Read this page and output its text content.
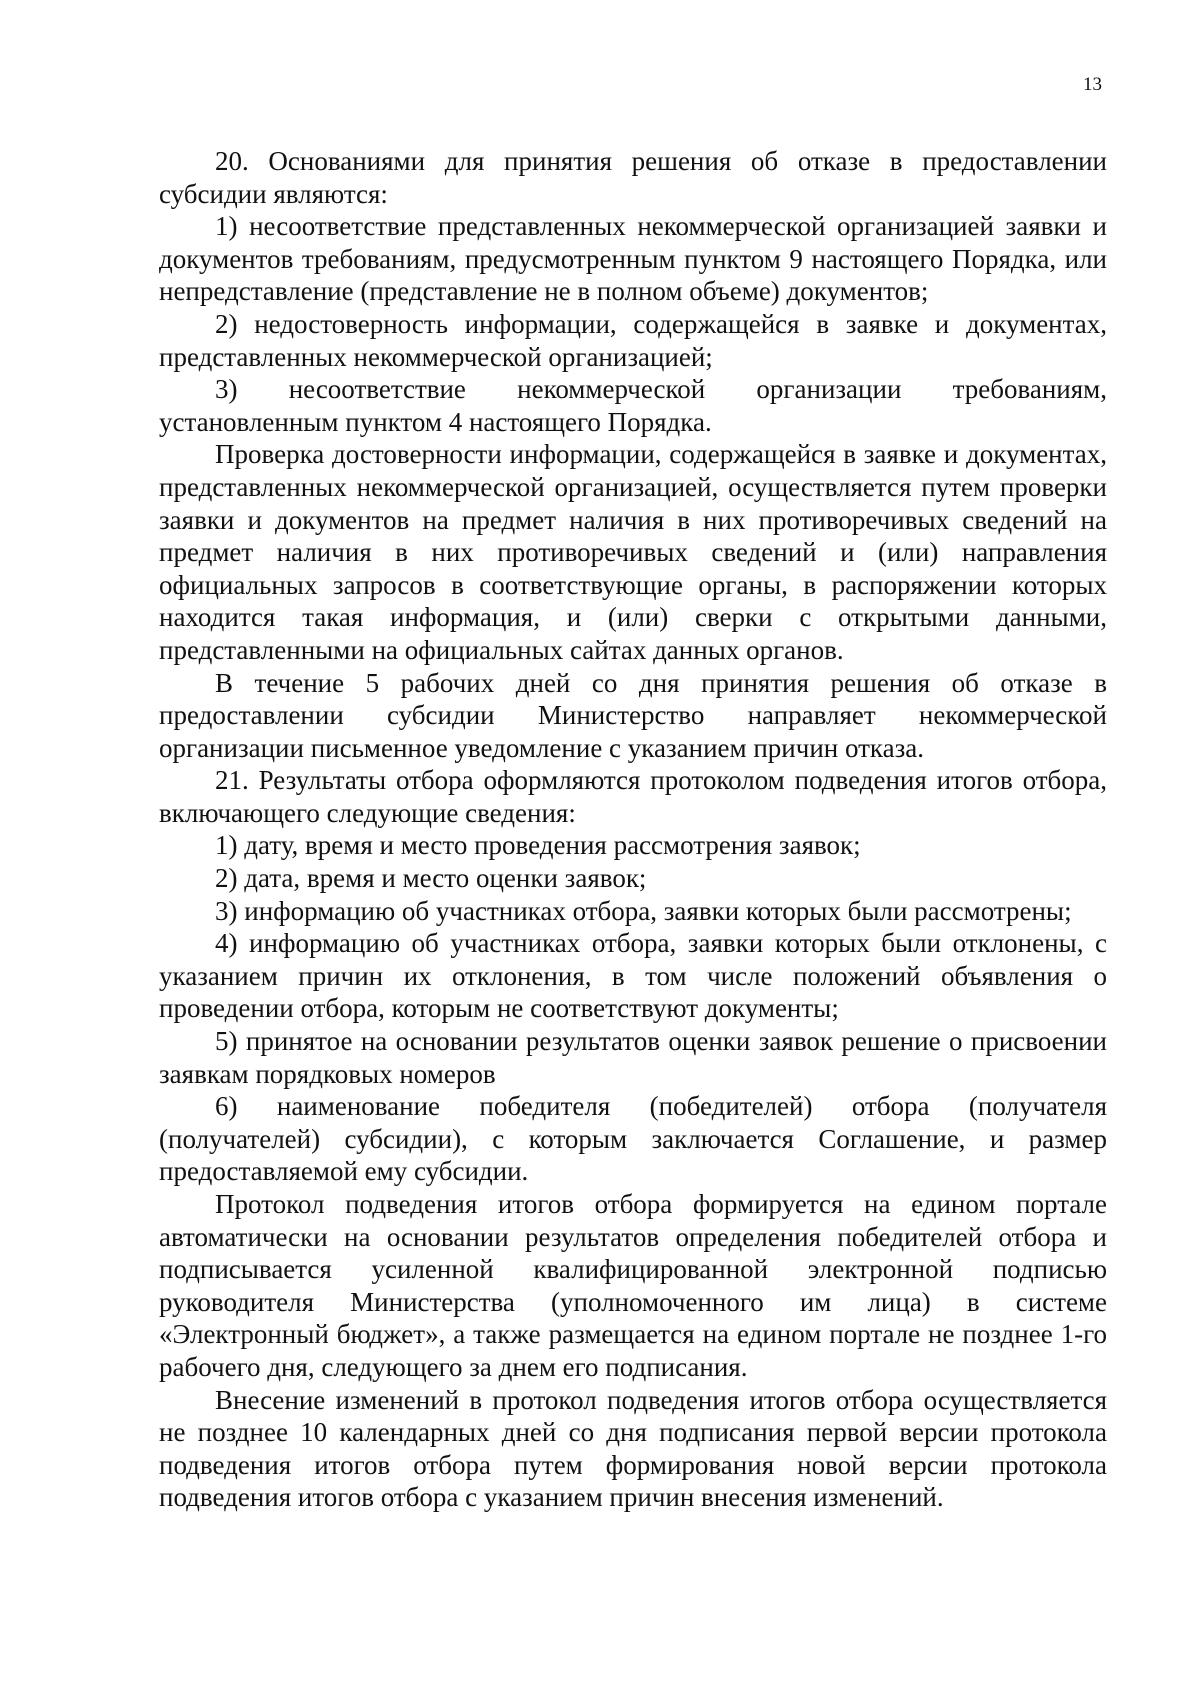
13

20. Основаниями для принятия решения об отказе в предоставлении субсидии являются:

1) несоответствие представленных некоммерческой организацией заявки и документов требованиям, предусмотренным пунктом 9 настоящего Порядка, или непредставление (представление не в полном объеме) документов;

2) недостоверность информации, содержащейся в заявке и документах, представленных некоммерческой организацией;

3) несоответствие некоммерческой организации требованиям, установленным пунктом 4 настоящего Порядка.

Проверка достоверности информации, содержащейся в заявке и документах, представленных некоммерческой организацией, осуществляется путем проверки заявки и документов на предмет наличия в них противоречивых сведений на предмет наличия в них противоречивых сведений и (или) направления официальных запросов в соответствующие органы, в распоряжении которых находится такая информация, и (или) сверки с открытыми данными, представленными на официальных сайтах данных органов.

В течение 5 рабочих дней со дня принятия решения об отказе в предоставлении субсидии Министерство направляет некоммерческой организации письменное уведомление с указанием причин отказа.

21. Результаты отбора оформляются протоколом подведения итогов отбора, включающего следующие сведения:

1) дату, время и место проведения рассмотрения заявок;

2) дата, время и место оценки заявок;

3) информацию об участниках отбора, заявки которых были рассмотрены;

4) информацию об участниках отбора, заявки которых были отклонены, с указанием причин их отклонения, в том числе положений объявления о проведении отбора, которым не соответствуют документы;

5) принятое на основании результатов оценки заявок решение о присвоении заявкам порядковых номеров

6) наименование победителя (победителей) отбора (получателя (получателей) субсидии), с которым заключается Соглашение, и размер предоставляемой ему субсидии.

Протокол подведения итогов отбора формируется на едином портале автоматически на основании результатов определения победителей отбора и подписывается усиленной квалифицированной электронной подписью руководителя Министерства (уполномоченного им лица) в системе «Электронный бюджет», а также размещается на едином портале не позднее 1-го рабочего дня, следующего за днем его подписания.

Внесение изменений в протокол подведения итогов отбора осуществляется не позднее 10 календарных дней со дня подписания первой версии протокола подведения итогов отбора путем формирования новой версии протокола подведения итогов отбора с указанием причин внесения изменений.
